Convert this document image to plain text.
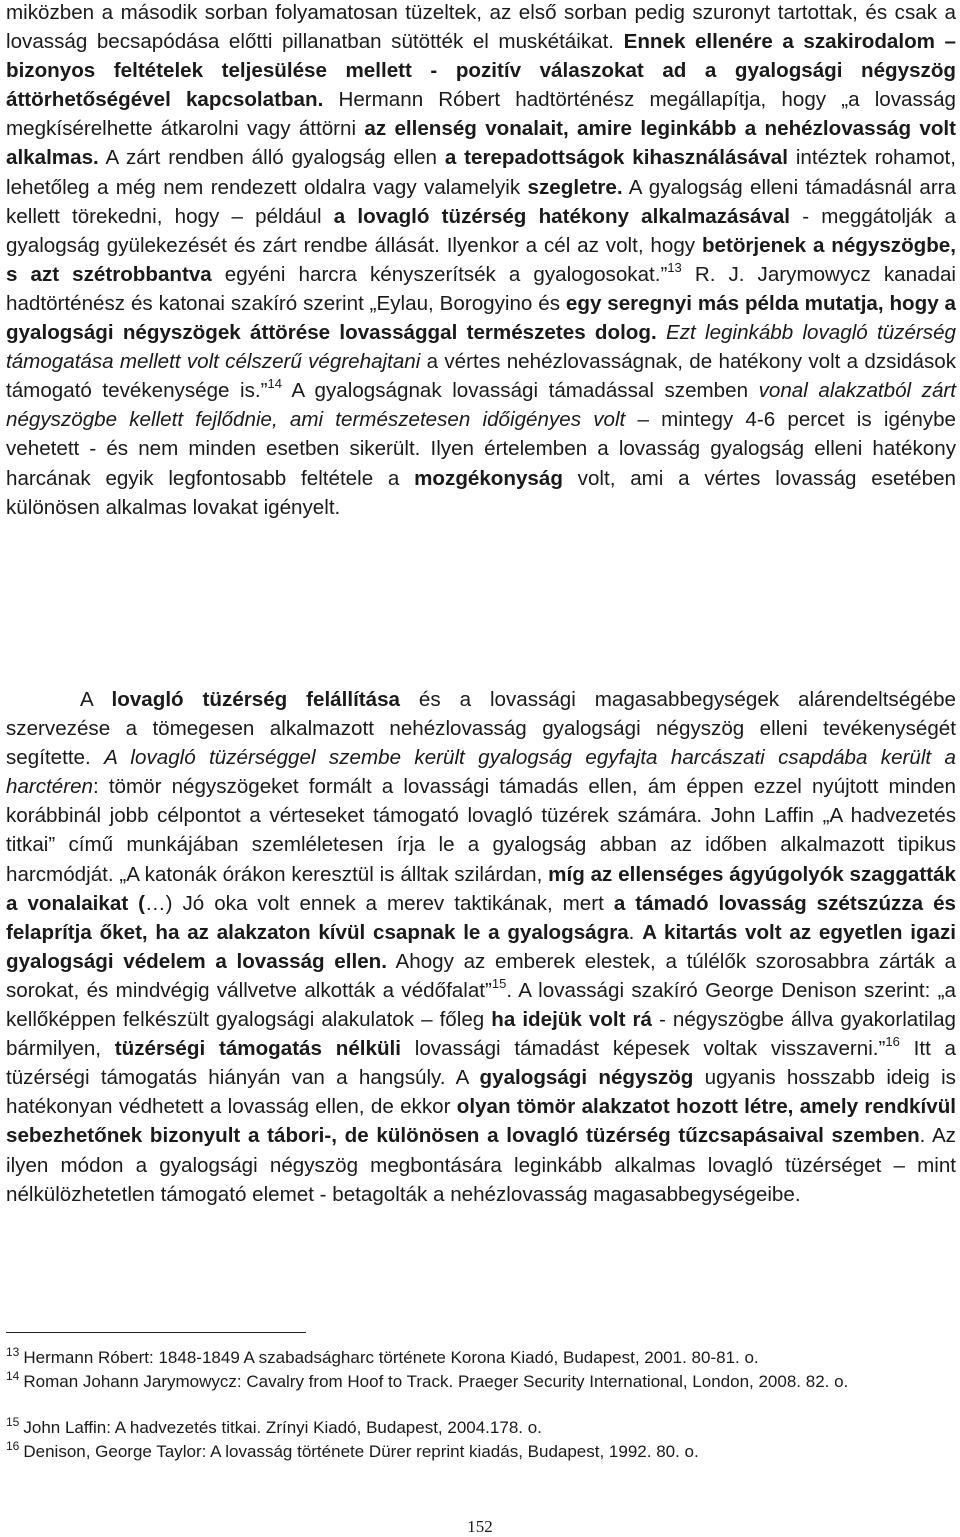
miközben a második sorban folyamatosan tüzeltek, az első sorban pedig szuronyt tartottak, és csak a lovasság becsapódása előtti pillanatban sütötték el muskétáikat. Ennek ellenére a szakirodalom – bizonyos feltételek teljesülése mellett - pozitív válaszokat ad a gyalogsági négyszög áttörhetőségével kapcsolatban. Hermann Róbert hadtörténész megállapítja, hogy „a lovasság megkísérelhette átkarolni vagy áttörni az ellenség vonalait, amire leginkább a nehézlovasság volt alkalmas. A zárt rendben álló gyalogság ellen a terepadottságok kihasználásával intéztek rohamot, lehetőleg a még nem rendezett oldalra vagy valamelyik szegletre. A gyalogság elleni támadásnál arra kellett törekedni, hogy – például a lovagló tüzérség hatékony alkalmazásával - meggátolják a gyalogság gyülekezését és zárt rendbe állását. Ilyenkor a cél az volt, hogy betörjenek a négyszögbe, s azt szétrobbantva egyéni harcra kényszerítsék a gyalogosokat.”$^{13}$ R. J. Jarymowycz kanadai hadtörténész és katonai szakíró szerint „Eylau, Borogyino és egy seregnyi más példa mutatja, hogy a gyalogsági négyszögek áttörése lovassággal természetes dolog. Ezt leginkább lovagló tüzérség támogatása mellett volt célszerű végrehajtani a vértes nehézlovasságnak, de hatékony volt a dzsidások támogató tevékenysége is.”$^{14}$ A gyalogságnak lovassági támadással szemben vonal alakzatból zárt négyszögbe kellett fejlődnie, ami természetesen időigényes volt – mintegy 4-6 percet is igénybe vehetett - és nem minden esetben sikerült. Ilyen értelemben a lovasság gyalogság elleni hatékony harcának egyik legfontosabb feltétele a mozgékonyság volt, ami a vértes lovasság esetében különösen alkalmas lovakat igényelt.

A lovagló tüzérség felállítása és a lovassági magasabbegységek alárendeltségébe szervezése a tömegesen alkalmazott nehézlovasság gyalogsági négyszög elleni tevékenységét segítette. A lovagló tüzérséggel szembe került gyalogság egyfajta harcászati csapdába került a harctéren: tömör négyszögeket formált a lovassági támadás ellen, ám éppen ezzel nyújtott minden korábbinál jobb célpontot a vérteseket támogató lovagló tüzérek számára. John Laffin „A hadvezetés titkai” című munkájában szemléletesen írja le a gyalogság abban az időben alkalmazott tipikus harcmódját. „A katonák órákon keresztül is álltak szilárdan, míg az ellenséges ágyúgolyók szaggatták a vonalaikat (…) Jó oka volt ennek a merev taktikának, mert a támadó lovasság szétszúzza és felaprítja őket, ha az alakzaton kívül csapnak le a gyalogságra. A kitartás volt az egyetlen igazi gyalogsági védelem a lovasság ellen. Ahogy az emberek elestek, a túlélők szorosabbra zárták a sorokat, és mindvégig vállvetve alkották a védőfalat”$^{15}$. A lovassági szakíró George Denison szerint: „a kellőképpen felkészült gyalogsági alakulatok – főleg ha idejük volt rá - négyszögbe állva gyakorlatilag bármilyen, tüzérségi támogatás nélküli lovassági támadást képesek voltak visszaverni.”$^{16}$ Itt a tüzérségi támogatás hiányán van a hangsúly. A gyalogsági négyszög ugyanis hosszabb ideig is hatékonyan védhetett a lovasság ellen, de ekkor olyan tömör alakzatot hozott létre, amely rendkívül sebezhetőnek bizonyult a tábori-, de különösen a lovagló tüzérség tűzcsapásaival szemben. Az ilyen módon a gyalogsági négyszög megbontására leginkább alkalmas lovagló tüzérséget – mint nélkülözhetetlen támogató elemet - betagolták a nehézlovasság magasabbegységeibe.

$^{13}$ Hermann Róbert: 1848-1849 A szabadságharc története Korona Kiadó, Budapest, 2001. 80-81. o.

$^{14}$ Roman Johann Jarymowycz: Cavalry from Hoof to Track. Praeger Security International, London, 2008. 82. o.

$^{15}$ John Laffin: A hadvezetés titkai. Zrínyi Kiadó, Budapest, 2004.178. o.

$^{16}$ Denison, George Taylor: A lovasság története Dürer reprint kiadás, Budapest, 1992. 80. o.

152
